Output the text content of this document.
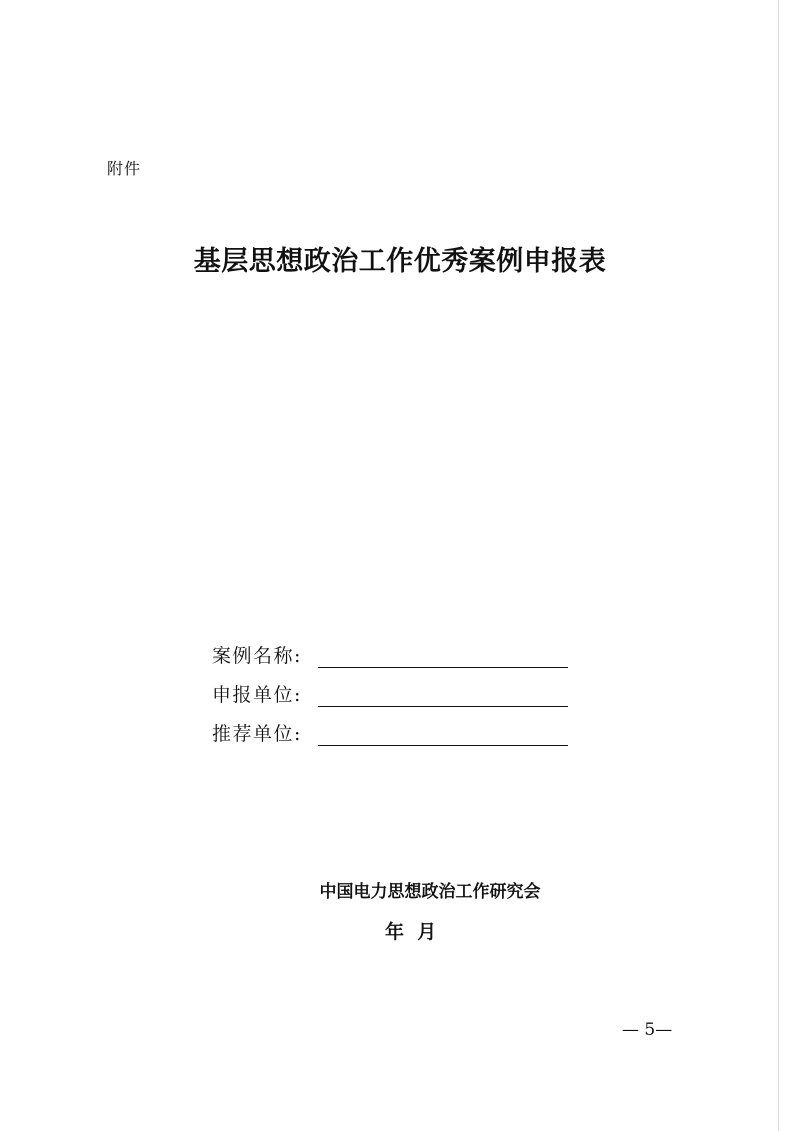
附件
基层思想政治工作优秀案例申报表
案例名称:
申报单位:
推荐单位:
中国电力思想政治工作研究会
年  月
— 5—
